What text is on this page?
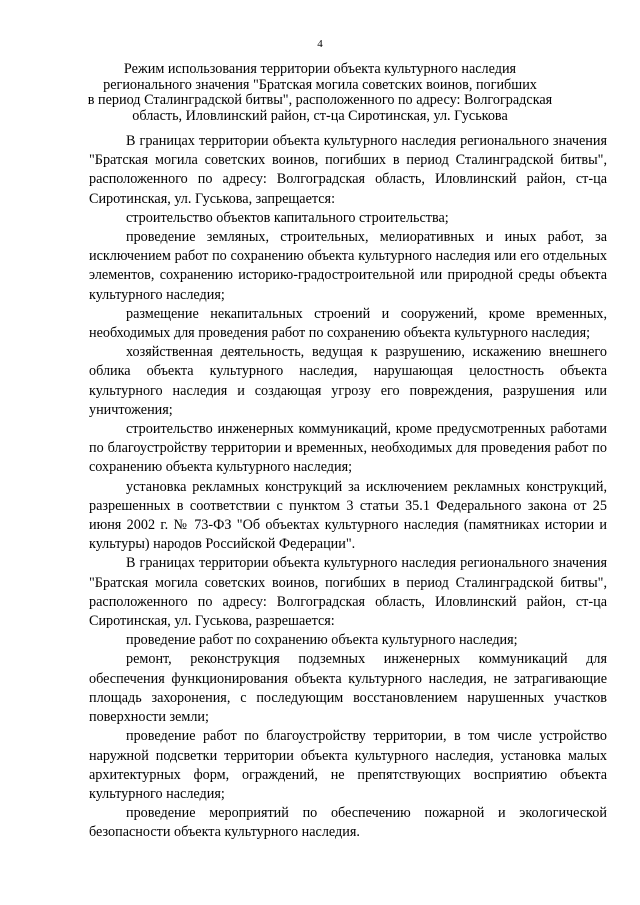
4
Режим использования территории объекта культурного наследия
регионального значения "Братская могила советских воинов, погибших
в период Сталинградской битвы", расположенного по адресу: Волгоградская
область, Иловлинский район, ст-ца Сиротинская, ул. Гуськова

В границах территории объекта культурного наследия регионального значения "Братская могила советских воинов, погибших в период Сталинградской битвы", расположенного по адресу: Волгоградская область, Иловлинский район, ст-ца Сиротинская, ул. Гуськова, запрещается:

строительство объектов капитального строительства;

проведение земляных, строительных, мелиоративных и иных работ, за исключением работ по сохранению объекта культурного наследия или его отдельных элементов, сохранению историко-градостроительной или природной среды объекта культурного наследия;

размещение некапитальных строений и сооружений, кроме временных, необходимых для проведения работ по сохранению объекта культурного наследия;

хозяйственная деятельность, ведущая к разрушению, искажению внешнего облика объекта культурного наследия, нарушающая целостность объекта культурного наследия и создающая угрозу его повреждения, разрушения или уничтожения;

строительство инженерных коммуникаций, кроме предусмотренных работами по благоустройству территории и временных, необходимых для проведения работ по сохранению объекта культурного наследия;

установка рекламных конструкций за исключением рекламных конструкций, разрешенных в соответствии с пунктом 3 статьи 35.1 Федерального закона от 25 июня 2002 г. № 73-ФЗ "Об объектах культурного наследия (памятниках истории и культуры) народов Российской Федерации".

В границах территории объекта культурного наследия регионального значения "Братская могила советских воинов, погибших в период Сталинградской битвы", расположенного по адресу: Волгоградская область, Иловлинский район, ст-ца Сиротинская, ул. Гуськова, разрешается:

проведение работ по сохранению объекта культурного наследия;

ремонт, реконструкция подземных инженерных коммуникаций для обеспечения функционирования объекта культурного наследия, не затрагивающие площадь захоронения, с последующим восстановлением нарушенных участков поверхности земли;

проведение работ по благоустройству территории, в том числе устройство наружной подсветки территории объекта культурного наследия, установка малых архитектурных форм, ограждений, не препятствующих восприятию объекта культурного наследия;

проведение мероприятий по обеспечению пожарной и экологической безопасности объекта культурного наследия.
